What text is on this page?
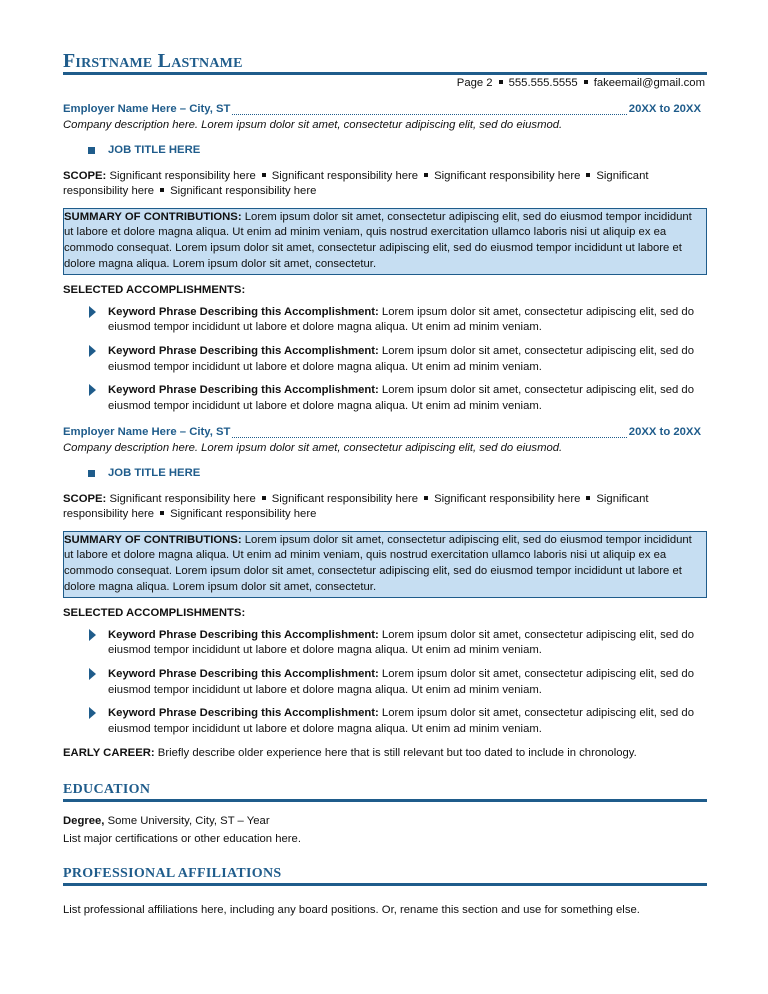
Firstname Lastname
Page 2 555.555.5555 fakeemail@gmail.com
Employer Name Here – City, ST	20XX to 20XX
Company description here. Lorem ipsum dolor sit amet, consectetur adipiscing elit, sed do eiusmod.
JOB TITLE HERE
SCOPE: Significant responsibility here Significant responsibility here Significant responsibility here Significant responsibility here Significant responsibility here
SUMMARY OF CONTRIBUTIONS: Lorem ipsum dolor sit amet, consectetur adipiscing elit, sed do eiusmod tempor incididunt ut labore et dolore magna aliqua. Ut enim ad minim veniam, quis nostrud exercitation ullamco laboris nisi ut aliquip ex ea commodo consequat. Lorem ipsum dolor sit amet, consectetur adipiscing elit, sed do eiusmod tempor incididunt ut labore et dolore magna aliqua. Lorem ipsum dolor sit amet, consectetur.
SELECTED ACCOMPLISHMENTS:
Keyword Phrase Describing this Accomplishment: Lorem ipsum dolor sit amet, consectetur adipiscing elit, sed do eiusmod tempor incididunt ut labore et dolore magna aliqua. Ut enim ad minim veniam.
Keyword Phrase Describing this Accomplishment: Lorem ipsum dolor sit amet, consectetur adipiscing elit, sed do eiusmod tempor incididunt ut labore et dolore magna aliqua. Ut enim ad minim veniam.
Keyword Phrase Describing this Accomplishment: Lorem ipsum dolor sit amet, consectetur adipiscing elit, sed do eiusmod tempor incididunt ut labore et dolore magna aliqua. Ut enim ad minim veniam.
Employer Name Here – City, ST	20XX to 20XX
Company description here. Lorem ipsum dolor sit amet, consectetur adipiscing elit, sed do eiusmod.
JOB TITLE HERE
SCOPE: Significant responsibility here Significant responsibility here Significant responsibility here Significant responsibility here Significant responsibility here
SUMMARY OF CONTRIBUTIONS: Lorem ipsum dolor sit amet, consectetur adipiscing elit, sed do eiusmod tempor incididunt ut labore et dolore magna aliqua. Ut enim ad minim veniam, quis nostrud exercitation ullamco laboris nisi ut aliquip ex ea commodo consequat. Lorem ipsum dolor sit amet, consectetur adipiscing elit, sed do eiusmod tempor incididunt ut labore et dolore magna aliqua. Lorem ipsum dolor sit amet, consectetur.
SELECTED ACCOMPLISHMENTS:
Keyword Phrase Describing this Accomplishment: Lorem ipsum dolor sit amet, consectetur adipiscing elit, sed do eiusmod tempor incididunt ut labore et dolore magna aliqua. Ut enim ad minim veniam.
Keyword Phrase Describing this Accomplishment: Lorem ipsum dolor sit amet, consectetur adipiscing elit, sed do eiusmod tempor incididunt ut labore et dolore magna aliqua. Ut enim ad minim veniam.
Keyword Phrase Describing this Accomplishment: Lorem ipsum dolor sit amet, consectetur adipiscing elit, sed do eiusmod tempor incididunt ut labore et dolore magna aliqua. Ut enim ad minim veniam.
EARLY CAREER: Briefly describe older experience here that is still relevant but too dated to include in chronology.
EDUCATION
Degree, Some University, City, ST – Year
List major certifications or other education here.
PROFESSIONAL AFFILIATIONS
List professional affiliations here, including any board positions. Or, rename this section and use for something else.
